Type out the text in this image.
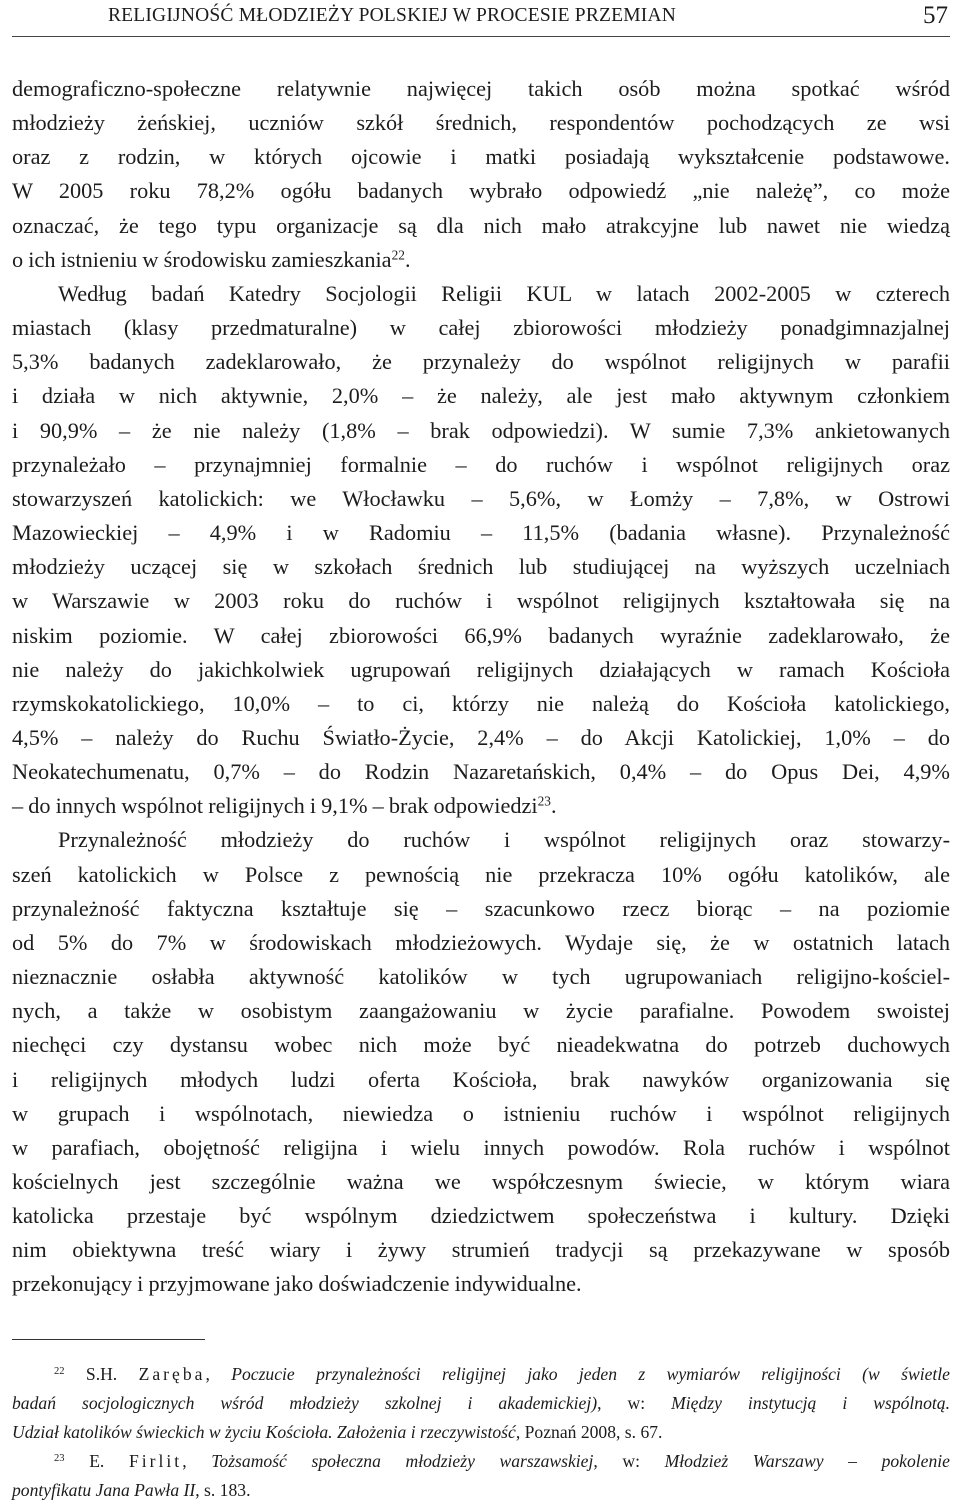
RELIGIJNOŚĆ MŁODZIEŻY POLSKIEJ W PROCESIE PRZEMIAN	57
demograficzno-społeczne relatywnie najwięcej takich osób można spotkać wśród
młodzieży żeńskiej, uczniów szkół średnich, respondentów pochodzących ze wsi
oraz z rodzin, w których ojcowie i matki posiadają wykształcenie podstawowe.
W 2005 roku 78,2% ogółu badanych wybrało odpowiedź „nie należę”, co może
oznaczać, że tego typu organizacje są dla nich mało atrakcyjne lub nawet nie wiedzą
o ich istnieniu w środowisku zamieszkania$^{22}$.
Według badań Katedry Socjologii Religii KUL w latach 2002-2005 w czterech
miastach (klasy przedmaturalne) w całej zbiorowości młodzieży ponadgimnazjalnej
5,3% badanych zadeklarowało, że przynależy do wspólnot religijnych w parafii
i działa w nich aktywnie, 2,0% – że należy, ale jest mało aktywnym członkiem
i 90,9% – że nie należy (1,8% – brak odpowiedzi). W sumie 7,3% ankietowanych
przynależało – przynajmniej formalnie – do ruchów i wspólnot religijnych oraz
stowarzyszeń katolickich: we Włocławku – 5,6%, w Łomży – 7,8%, w Ostrowi
Mazowieckiej – 4,9% i w Radomiu – 11,5% (badania własne). Przynależność
młodzieży uczącej się w szkołach średnich lub studiującej na wyższych uczelniach
w Warszawie w 2003 roku do ruchów i wspólnot religijnych kształtowała się na
niskim poziomie. W całej zbiorowości 66,9% badanych wyraźnie zadeklarowało, że
nie należy do jakichkolwiek ugrupowań religijnych działających w ramach Kościoła
rzymskokatolickiego, 10,0% – to ci, którzy nie należą do Kościoła katolickiego,
4,5% – należy do Ruchu Światło-Życie, 2,4% – do Akcji Katolickiej, 1,0% – do
Neokatechumenatu, 0,7% – do Rodzin Nazaretańskich, 0,4% – do Opus Dei, 4,9%
– do innych wspólnot religijnych i 9,1% – brak odpowiedzi$^{23}$.
Przynależność młodzieży do ruchów i wspólnot religijnych oraz stowarzy-
szeń katolickich w Polsce z pewnością nie przekracza 10% ogółu katolików, ale
przynależność faktyczna kształtuje się – szacunkowo rzecz biorąc – na poziomie
od 5% do 7% w środowiskach młodzieżowych. Wydaje się, że w ostatnich latach
nieznacznie osłabła aktywność katolików w tych ugrupowaniach religijno-kościel-
nych, a także w osobistym zaangażowaniu w życie parafialne. Powodem swoistej
niechęci czy dystansu wobec nich może być nieadekwatna do potrzeb duchowych
i religijnych młodych ludzi oferta Kościoła, brak nawyków organizowania się
w grupach i wspólnotach, niewiedza o istnieniu ruchów i wspólnot religijnych
w parafiach, obojętność religijna i wielu innych powodów. Rola ruchów i wspólnot
kościelnych jest szczególnie ważna we współczesnym świecie, w którym wiara
katolicka przestaje być wspólnym dziedzictwem społeczeństwa i kultury. Dzięki
nim obiektywna treść wiary i żywy strumień tradycji są przekazywane w sposób
przekonujący i przyjmowane jako doświadczenie indywidualne.
$^{22}$ S.H. Zaręba, Poczucie przynależności religijnej jako jeden z wymiarów religijności (w świetle
badań socjologicznych wśród młodzieży szkolnej i akademickiej), w: Między instytucją i wspólnotą.
Udział katolików świeckich w życiu Kościoła. Założenia i rzeczywistość, Poznań 2008, s. 67.
$^{23}$ E. Firlit, Tożsamość społeczna młodzieży warszawskiej, w: Młodzież Warszawy – pokolenie
pontyfikatu Jana Pawła II, s. 183.
